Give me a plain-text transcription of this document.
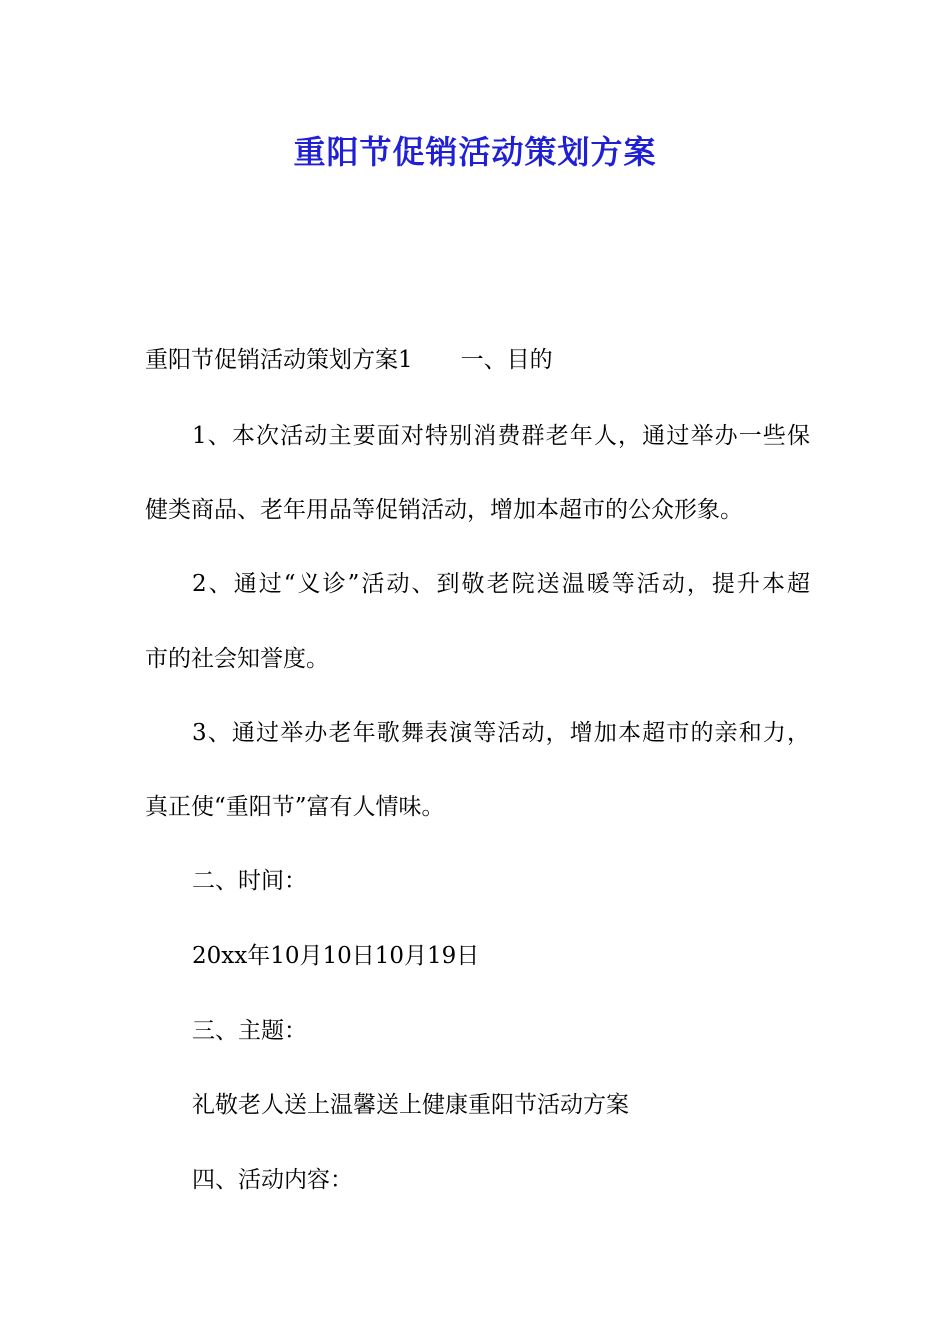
重阳节促销活动策划方案
重阳节促销活动策划方案1 一、目的
1、本次活动主要面对特别消费群老年人，通过举办一些保
健类商品、老年用品等促销活动，增加本超市的公众形象。
2、通过“义诊”活动、到敬老院送温暖等活动，提升本超
市的社会知誉度。
3、通过举办老年歌舞表演等活动，增加本超市的亲和力，
真正使“重阳节”富有人情味。
二、时间：
20xx年10月10日10月19日
三、主题：
礼敬老人送上温馨送上健康重阳节活动方案
四、活动内容：
